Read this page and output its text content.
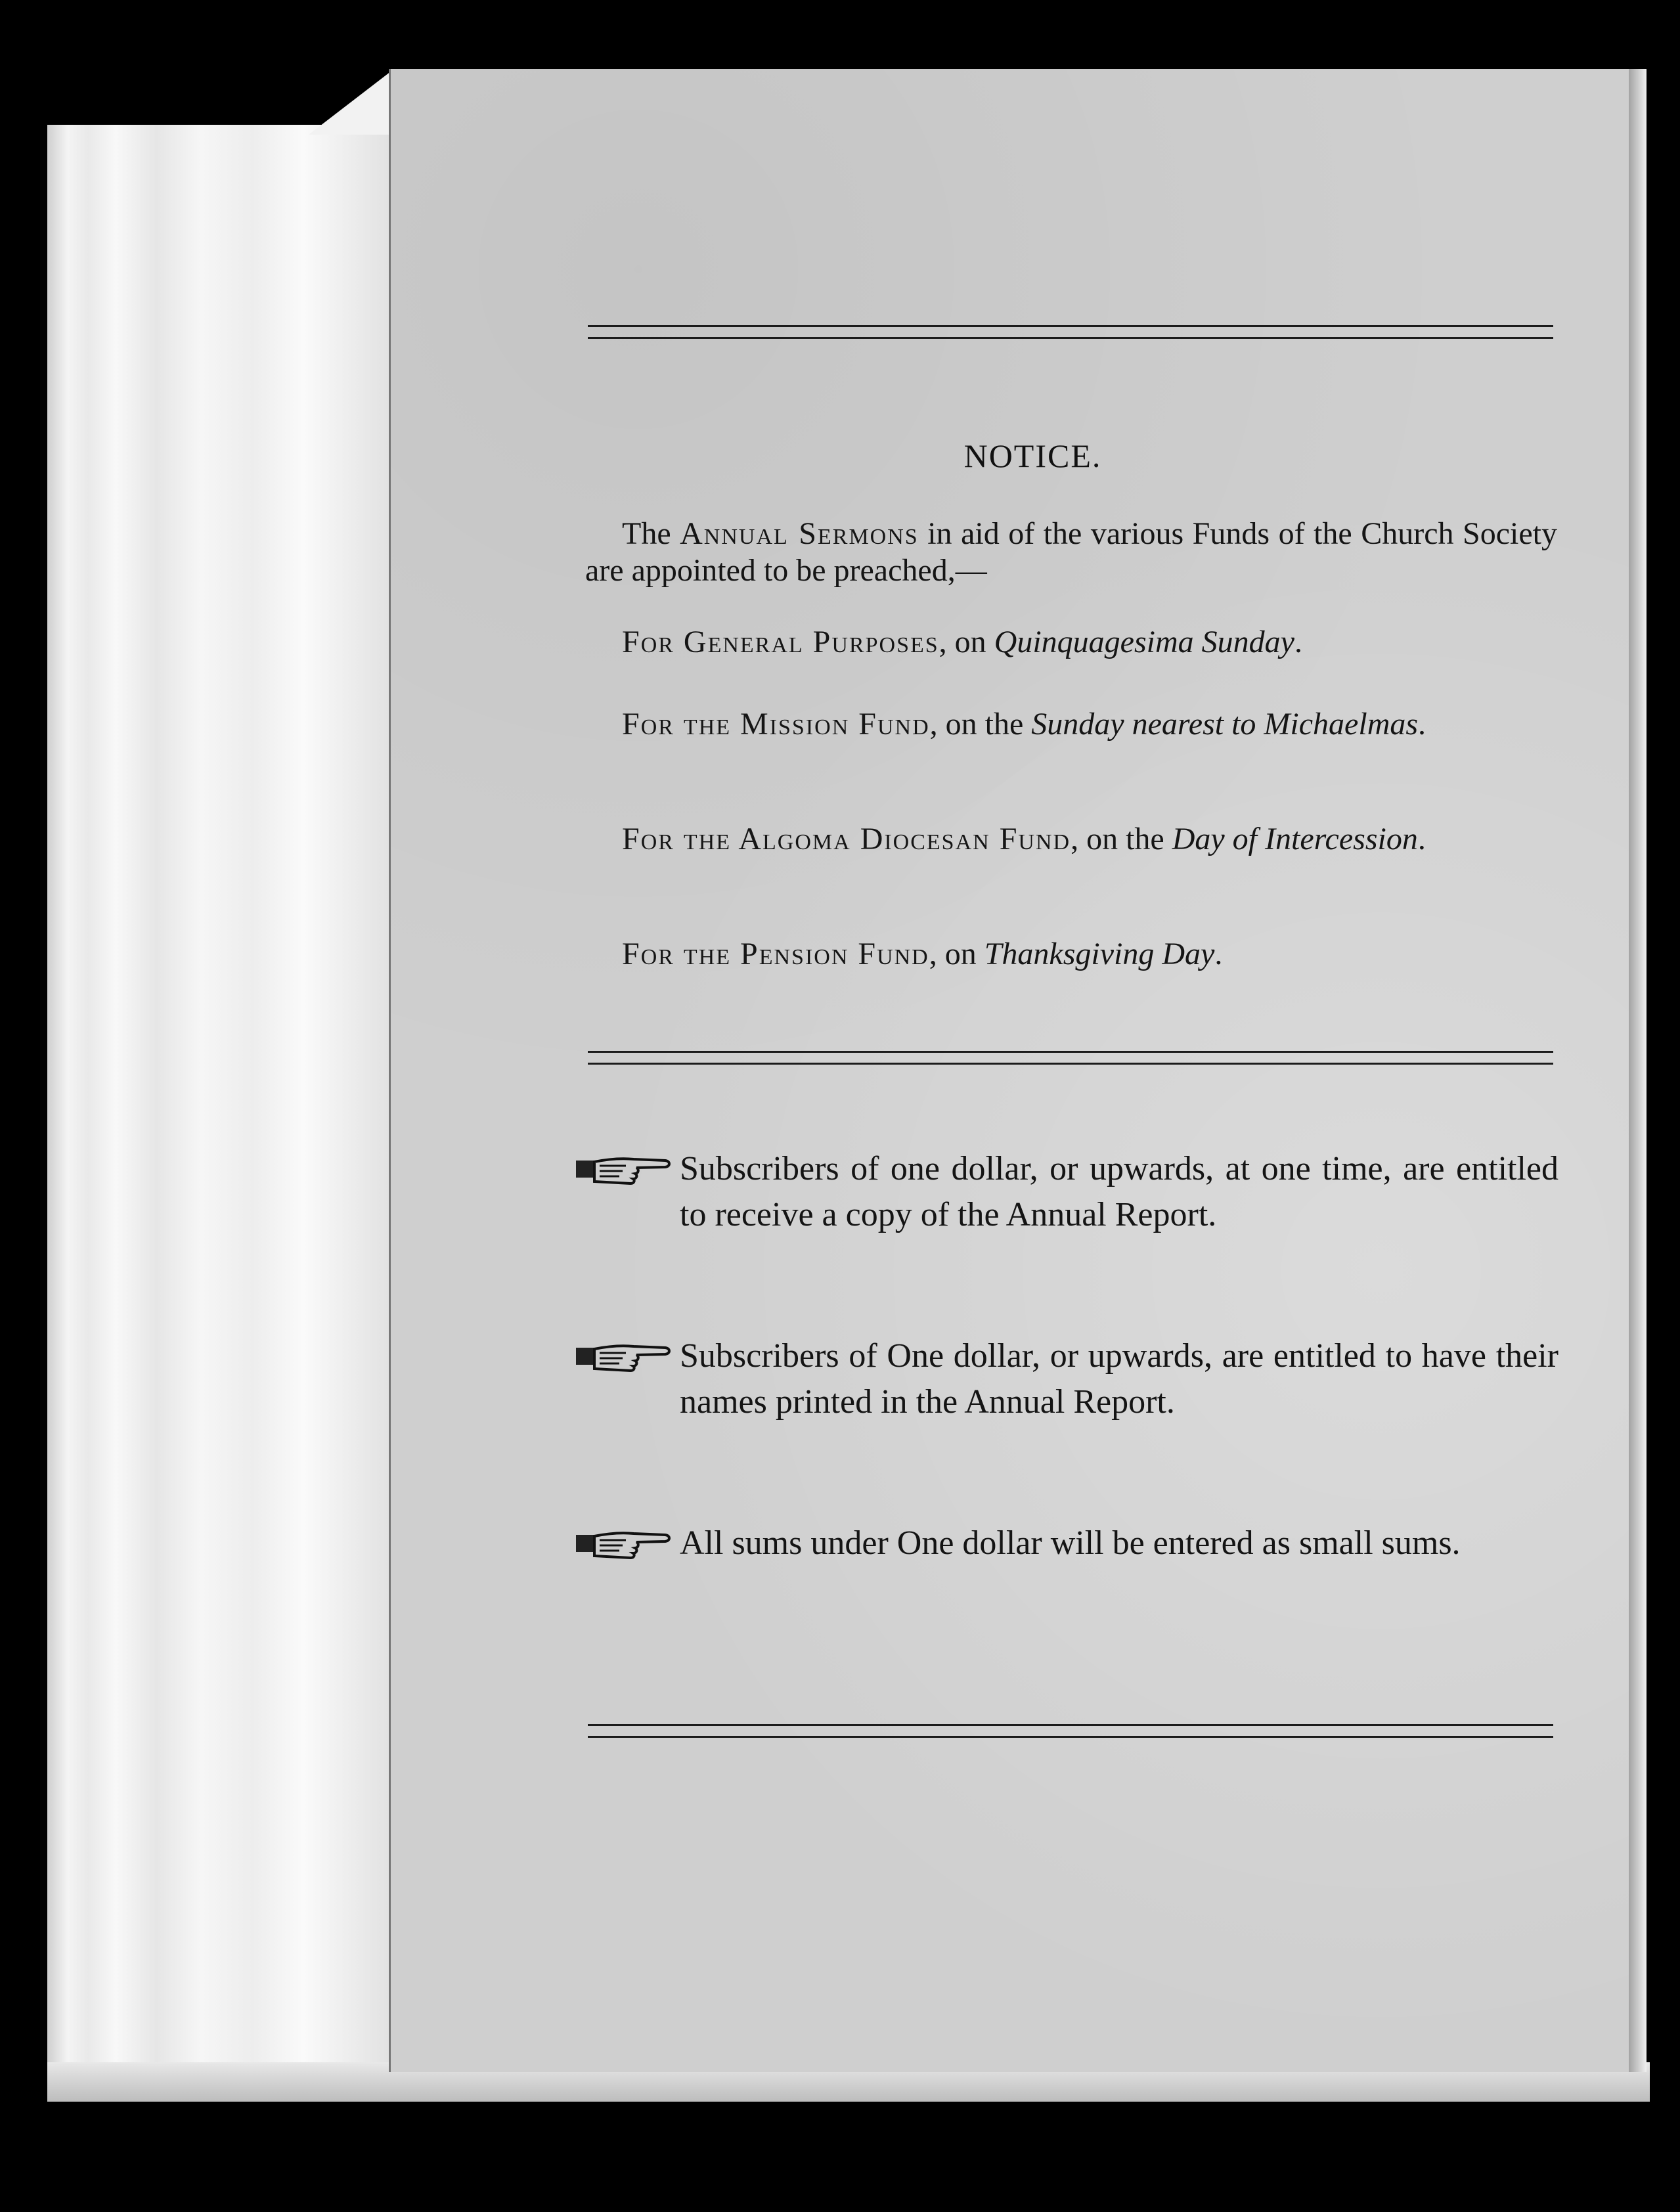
NOTICE.
The Annual Sermons in aid of the various Funds of the Church Society are appointed to be preached,—
For General Purposes, on Quinquagesima Sunday.
For the Mission Fund, on the Sunday nearest to Michaelmas.
For the Algoma Diocesan Fund, on the Day of Intercession.
For the Pension Fund, on Thanksgiving Day.
Subscribers of one dollar, or upwards, at one time, are entitled to receive a copy of the Annual Report.
Subscribers of One dollar, or upwards, are entitled to have their names printed in the Annual Report.
All sums under One dollar will be entered as small sums.
